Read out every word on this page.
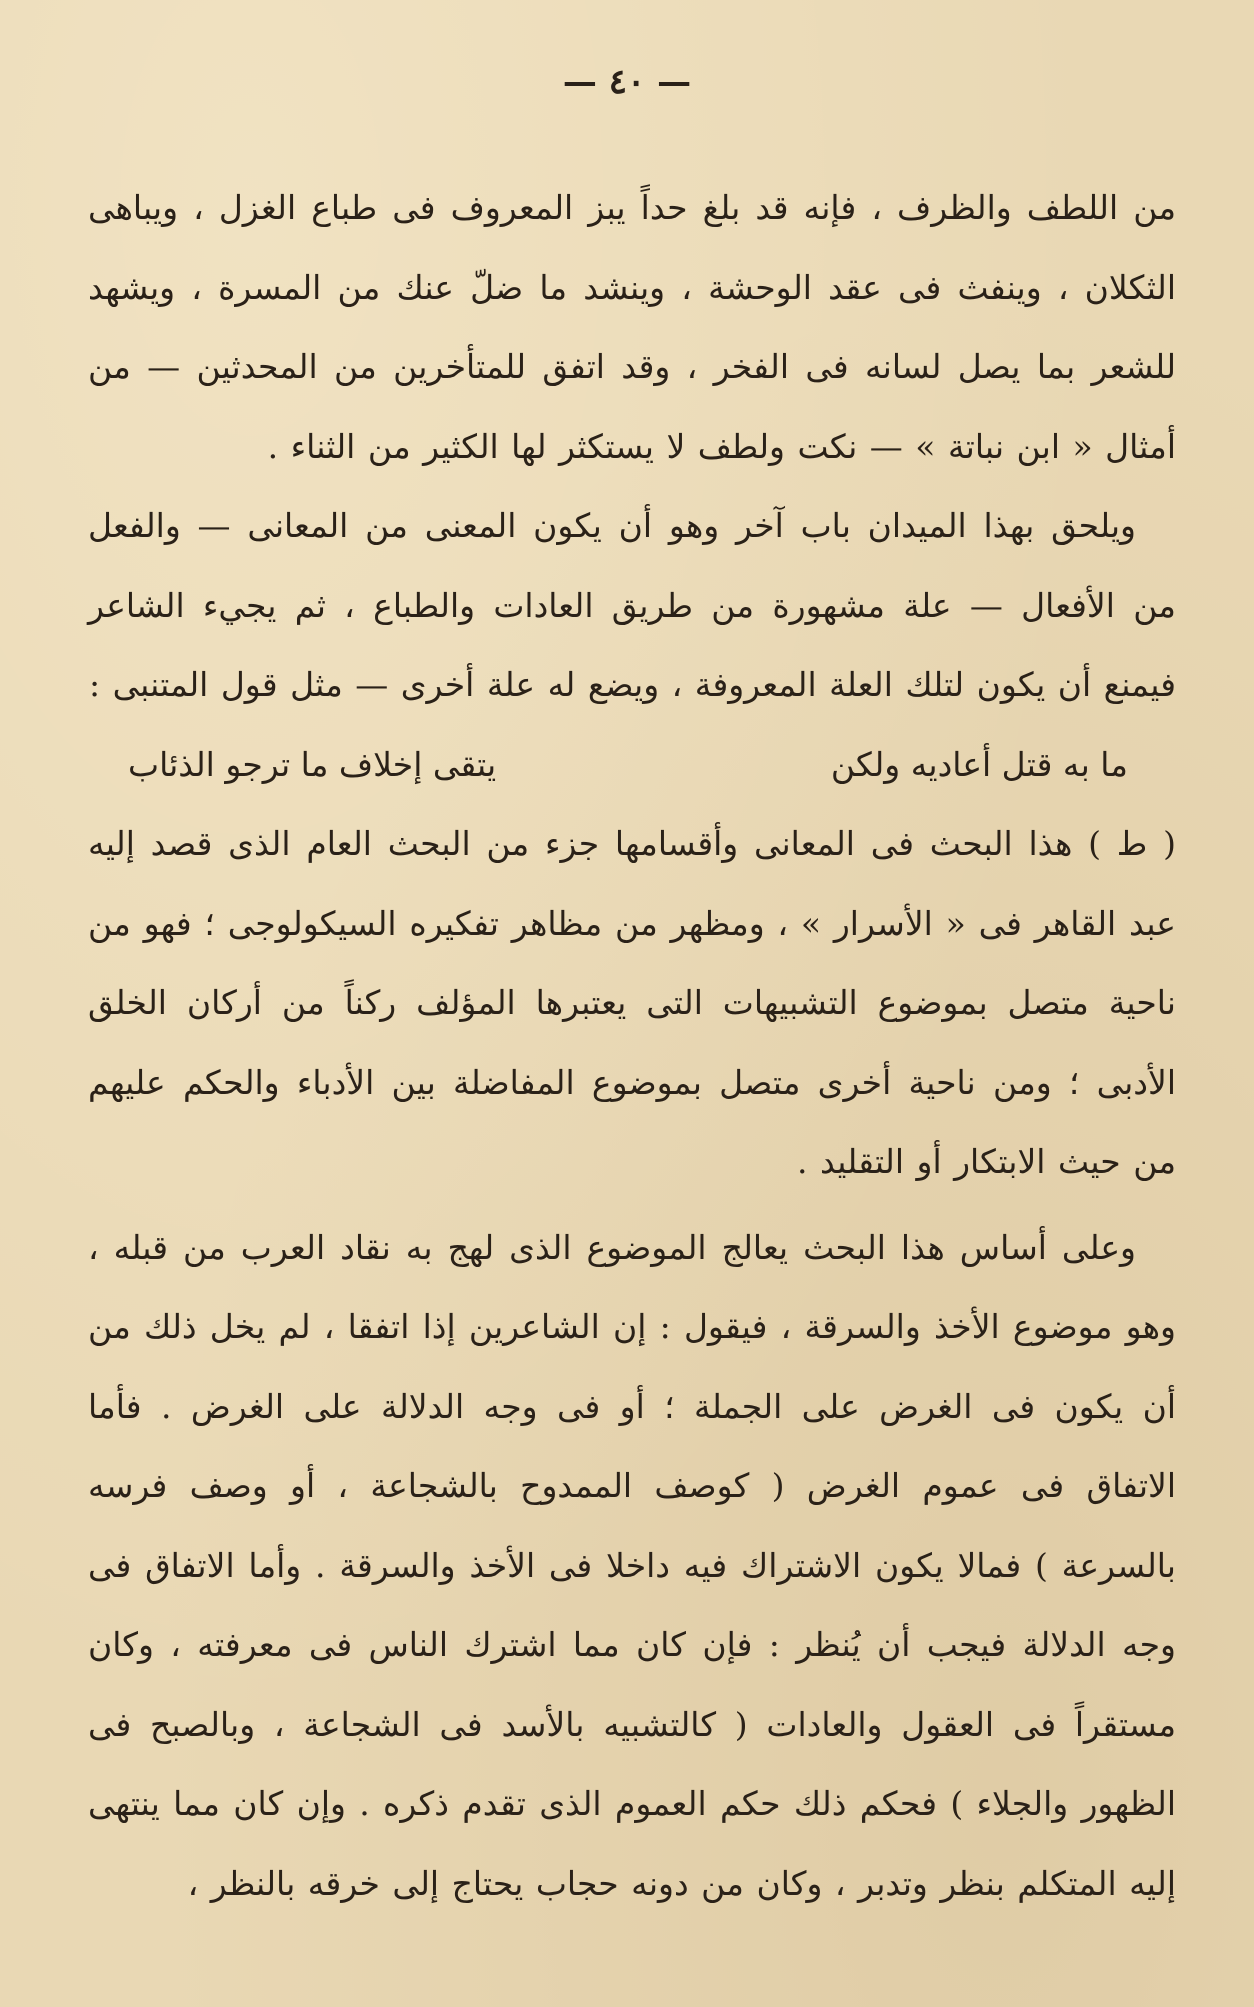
— ٤٠ —

من اللطف والظرف ، فإنه قد بلغ حداً يبز المعروف فى طباع الغزل ، ويباهى الثكلان ، وينفث فى عقد الوحشة ، وينشد ما ضلّ عنك من المسرة ، ويشهد للشعر بما يصل لسانه فى الفخر ، وقد اتفق للمتأخرين من المحدثين — من أمثال « ابن نباتة » — نكت ولطف لا يستكثر لها الكثير من الثناء .

ويلحق بهذا الميدان باب آخر وهو أن يكون المعنى من المعانى — والفعل من الأفعال — علة مشهورة من طريق العادات والطباع ، ثم يجيء الشاعر فيمنع أن يكون لتلك العلة المعروفة ، ويضع له علة أخرى — مثل قول المتنبى :

ما به قتل أعاديه ولكن
يتقى إخلاف ما ترجو الذئاب

( ط ) هذا البحث فى المعانى وأقسامها جزء من البحث العام الذى قصد إليه عبد القاهر فى « الأسرار » ، ومظهر من مظاهر تفكيره السيكولوجى ؛ فهو من ناحية متصل بموضوع التشبيهات التى يعتبرها المؤلف ركناً من أركان الخلق الأدبى ؛ ومن ناحية أخرى متصل بموضوع المفاضلة بين الأدباء والحكم عليهم من حيث الابتكار أو التقليد .

وعلى أساس هذا البحث يعالج الموضوع الذى لهج به نقاد العرب من قبله ، وهو موضوع الأخذ والسرقة ، فيقول : إن الشاعرين إذا اتفقا ، لم يخل ذلك من أن يكون فى الغرض على الجملة ؛ أو فى وجه الدلالة على الغرض . فأما الاتفاق فى عموم الغرض ( كوصف الممدوح بالشجاعة ، أو وصف فرسه بالسرعة ) فمالا يكون الاشتراك فيه داخلا فى الأخذ والسرقة . وأما الاتفاق فى وجه الدلالة فيجب أن يُنظر : فإن كان مما اشترك الناس فى معرفته ، وكان مستقراً فى العقول والعادات ( كالتشبيه بالأسد فى الشجاعة ، وبالصبح فى الظهور والجلاء ) فحكم ذلك حكم العموم الذى تقدم ذكره . وإن كان مما ينتهى إليه المتكلم بنظر وتدبر ، وكان من دونه حجاب يحتاج إلى خرقه بالنظر ،
